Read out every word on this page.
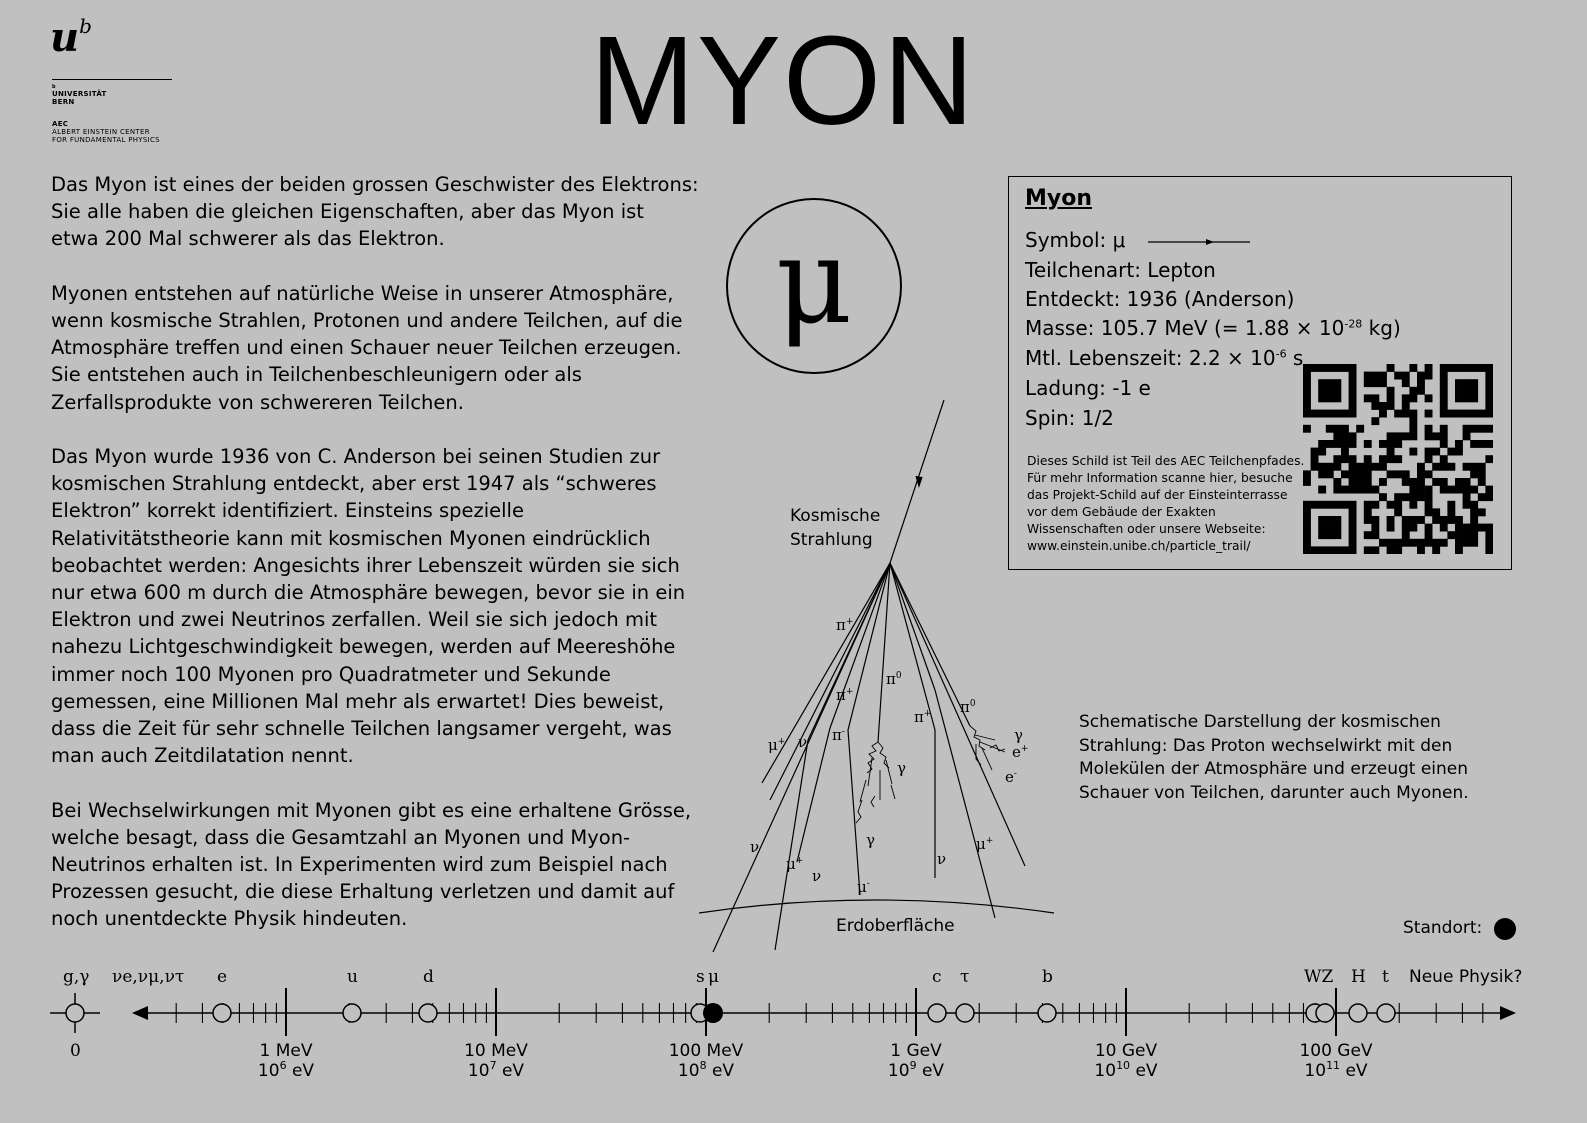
$u^b$
b
UNIVERSITÄT
BERN
AEC
ALBERT EINSTEIN CENTER
FOR FUNDAMENTAL PHYSICS	MYON

Das Myon ist eines der beiden grossen Geschwister des Elektrons:
Sie alle haben die gleichen Eigenschaften, aber das Myon ist
etwa 200 Mal schwerer als das Elektron.

Myonen entstehen auf natürliche Weise in unserer Atmosphäre,
wenn kosmische Strahlen, Protonen und andere Teilchen, auf die
Atmosphäre treffen und einen Schauer neuer Teilchen erzeugen.
Sie entstehen auch in Teilchenbeschleunigern oder als
Zerfallsprodukte von schwereren Teilchen.

Das Myon wurde 1936 von C. Anderson bei seinen Studien zur
kosmischen Strahlung entdeckt, aber erst 1947 als “schweres
Elektron” korrekt identifiziert. Einsteins spezielle
Relativitätstheorie kann mit kosmischen Myonen eindrücklich
beobachtet werden: Angesichts ihrer Lebenszeit würden sie sich
nur etwa 600 m durch die Atmosphäre bewegen, bevor sie in ein
Elektron und zwei Neutrinos zerfallen. Weil sie sich jedoch mit
nahezu Lichtgeschwindigkeit bewegen, werden auf Meereshöhe
immer noch 100 Myonen pro Quadratmeter und Sekunde
gemessen, eine Millionen Mal mehr als erwartet! Dies beweist,
dass die Zeit für sehr schnelle Teilchen langsamer vergeht, was
man auch Zeitdilatation nennt.

Bei Wechselwirkungen mit Myonen gibt es eine erhaltene Grösse,
welche besagt, dass die Gesamtzahl an Myonen und Myon-
Neutrinos erhalten ist. In Experimenten wird zum Beispiel nach
Prozessen gesucht, die diese Erhaltung verletzen und damit auf
noch unentdeckte Physik hindeuten.

μ
Myon
Symbol: μ
Teilchenart: Lepton
Entdeckt: 1936 (Anderson)
Masse: 105.7 MeV (= $1.88 \times 10^{-28}$ kg)
Mtl. Lebenszeit: $2.2 \times 10^{-6}$ s
Ladung: -1 e
Spin: 1/2
Dieses Schild ist Teil des AEC Teilchenpfades.
Für mehr Information scanne hier, besuche
das Projekt-Schild auf der Einsteinterrasse
vor dem Gebäude der Exakten
Wissenschaften oder unsere Webseite:
www.einstein.unibe.ch/particle_trail/
Kosmische
Strahlung
Erdoberfläche
π+
π+
$\pi^0$
π+ $\pi^0$
π-
μ+ ν
γ
γ
e+
e-
γ
ν
μ+
ν
μ-
ν
μ+
Schematische Darstellung der kosmischen
Strahlung: Das Proton wechselwirkt mit den
Molekülen der Atmosphäre und erzeugt einen
Schauer von Teilchen, darunter auch Myonen.
Standort:
g,γ νe,νμ,ντ e	u	d	s μ	c τ	b	WZ H t Neue Physik?
0	1 MeV
$10^6$ eV
10 MeV
$10^7$ eV
100 MeV
$10^8$ eV
1 GeV
$10^9$ eV
10 GeV
$10^{10}$ eV
100 GeV
$10^{11}$ eV
